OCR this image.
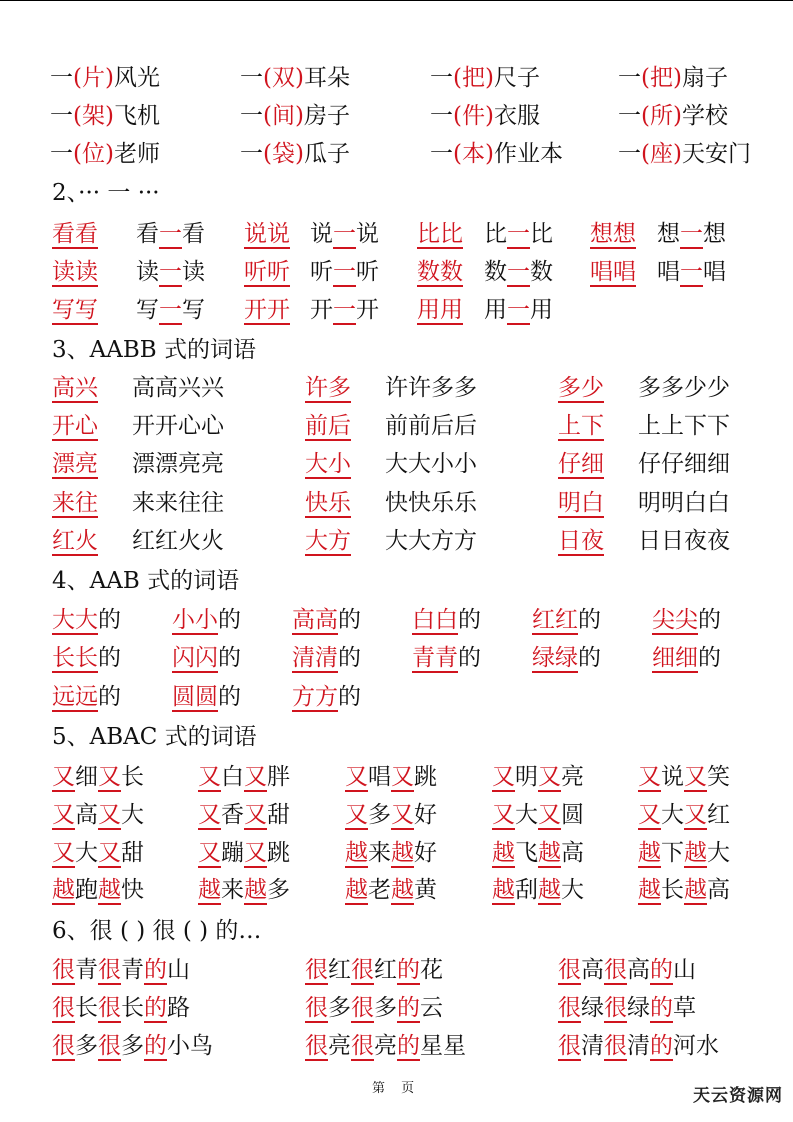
一(片)风光	一(双)耳朵	一(把)尺子	一(把)扇子
一(架)飞机	一(间)房子	一(件)衣服	一(所)学校
一(位)老师	一(袋)瓜子	一(本)作业本 一(座)天安门
2、··· 一 ···
看看 看一看 说说 说一说 比比 比一比 想想 想一想
读读 读一读 听听 听一听 数数 数一数 唱唱 唱一唱
写写 写一写 开开 开一开 用用 用一用
3、AABB 式的词语
高兴 高高兴兴	许多 许许多多	多少 多多少少
开心 开开心心	前后 前前后后	上下 上上下下
漂亮 漂漂亮亮	大小 大大小小	仔细 仔仔细细
来往 来来往往	快乐 快快乐乐	明白 明明白白
红火 红红火火	大方 大大方方	日夜 日日夜夜
4、AAB 式的词语
大大的 小小的 高高的 白白的 红红的 尖尖的
长长的 闪闪的 清清的 青青的 绿绿的 细细的
远远的 圆圆的 方方的
5、ABAC 式的词语
又细又长 又白又胖 又唱又跳 又明又亮 又说又笑
又高又大 又香又甜 又多又好 又大又圆 又大又红
又大又甜 又蹦又跳 越来越好 越飞越高 越下越大
越跑越快 越来越多 越老越黄 越刮越大 越长越高
6、很 ( ) 很 ( ) 的…
很青很青的山	很红很红的花	很高很高的山
很长很长的路	很多很多的云	很绿很绿的草
很多很多的小鸟	很亮很亮的星星	很清很清的河水
第 页	天云资源网
